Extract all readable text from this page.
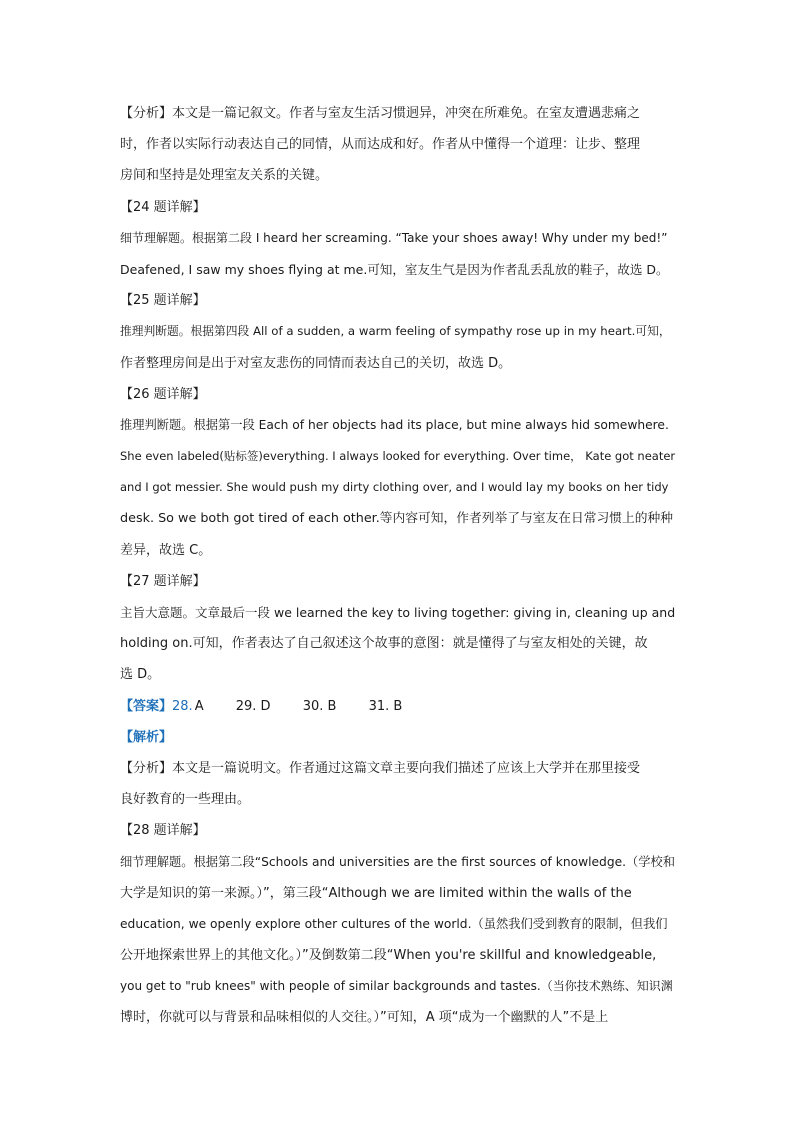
【分析】本文是一篇记叙文。作者与室友生活习惯迥异，冲突在所难免。在室友遭遇悲痛之
时，作者以实际行动表达自己的同情，从而达成和好。作者从中懂得一个道理：让步、整理
房间和坚持是处理室友关系的关键。
【24 题详解】
细节理解题。根据第二段 I heard her screaming. “Take your shoes away! Why under my bed!”
Deafened, I saw my shoes flying at me.可知，室友生气是因为作者乱丢乱放的鞋子，故选 D。
【25 题详解】
推理判断题。根据第四段 All of a sudden, a warm feeling of sympathy rose up in my heart.可知，
作者整理房间是出于对室友悲伤的同情而表达自己的关切，故选 D。
【26 题详解】
推理判断题。根据第一段 Each of her objects had its place, but mine always hid somewhere.
She even labeled(贴标签)everything. I always looked for everything. Over time， Kate got neater
and I got messier. She would push my dirty clothing over, and I would lay my books on her tidy
desk. So we both got tired of each other.等内容可知，作者列举了与室友在日常习惯上的种种
差异，故选 C。
【27 题详解】
主旨大意题。文章最后一段 we learned the key to living together: giving in, cleaning up and
holding on.可知，作者表达了自己叙述这个故事的意图：就是懂得了与室友相处的关键，故
选 D。
【答案】28.A 29. D 30. B 31. B
【解析】
【分析】本文是一篇说明文。作者通过这篇文章主要向我们描述了应该上大学并在那里接受
良好教育的一些理由。
【28 题详解】
细节理解题。根据第二段“Schools and universities are the first sources of knowledge.（学校和
大学是知识的第一来源。）”，第三段“Although we are limited within the walls of the
education, we openly explore other cultures of the world.（虽然我们受到教育的限制，但我们
公开地探索世界上的其他文化。）”及倒数第二段“When you're skillful and knowledgeable,
you get to "rub knees" with people of similar backgrounds and tastes.（当你技术熟练、知识渊
博时，你就可以与背景和品味相似的人交往。）”可知，A 项“成为一个幽默的人”不是上
